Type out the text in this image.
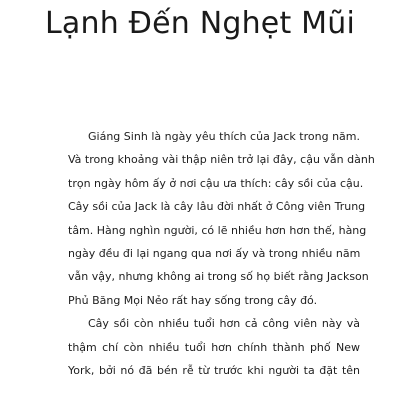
Lạnh Đến Nghẹt Mũi
Giáng Sinh là ngày yêu thích của Jack trong năm.
Và trong khoảng vài thập niên trở lại đây, cậu vẫn dành
trọn ngày hôm ấy ở nơi cậu ưa thích: cây sồi của cậu.
Cây sồi của Jack là cây lâu đời nhất ở Công viên Trung
tâm. Hàng nghìn người, có lẽ nhiều hơn hơn thế, hàng
ngày đều đi lại ngang qua nơi ấy và trong nhiều năm
vẫn vậy, nhưng không ai trong số họ biết rằng Jackson
Phủ Băng Mọi Nẻo rất hay sống trong cây đó.
Cây sồi còn nhiều tuổi hơn cả công viên này và
thậm chí còn nhiều tuổi hơn chính thành phố New
York, bởi nó đã bén rễ từ trước khi người ta đặt tên
